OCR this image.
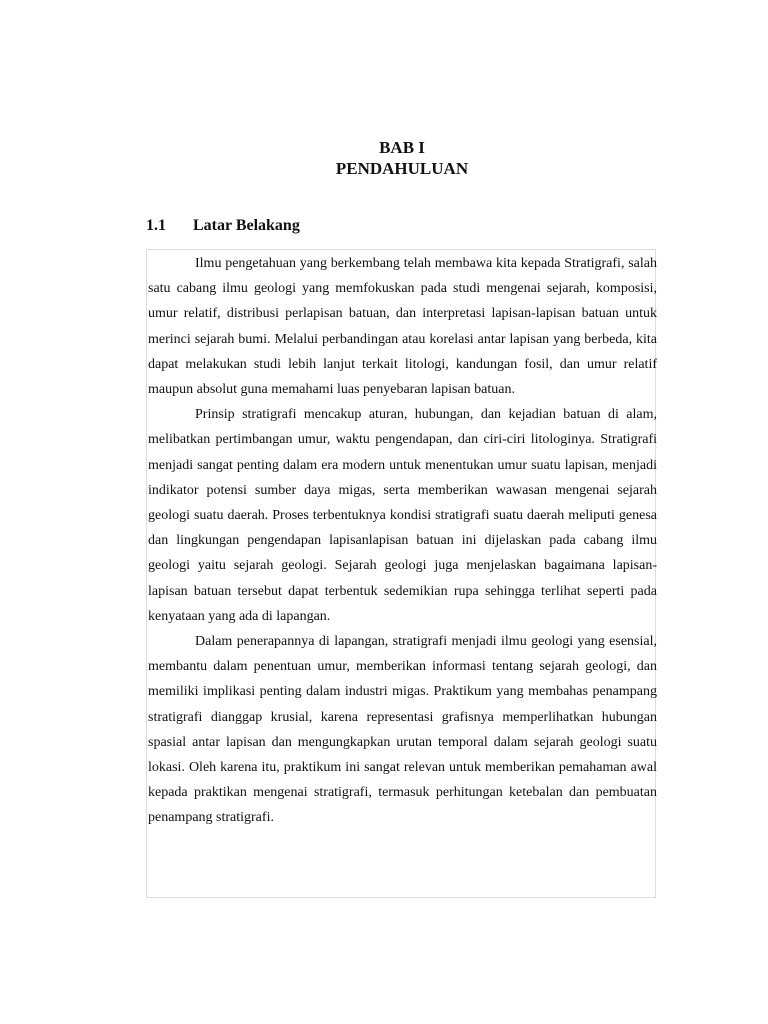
BAB I
PENDAHULUAN
1.1 Latar Belakang

Ilmu pengetahuan yang berkembang telah membawa kita kepada Stratigrafi, salah satu cabang ilmu geologi yang memfokuskan pada studi mengenai sejarah, komposisi, umur relatif, distribusi perlapisan batuan, dan interpretasi lapisan-lapisan batuan untuk merinci sejarah bumi. Melalui perbandingan atau korelasi antar lapisan yang berbeda, kita dapat melakukan studi lebih lanjut terkait litologi, kandungan fosil, dan umur relatif maupun absolut guna memahami luas penyebaran lapisan batuan.

Prinsip stratigrafi mencakup aturan, hubungan, dan kejadian batuan di alam, melibatkan pertimbangan umur, waktu pengendapan, dan ciri-ciri litologinya. Stratigrafi menjadi sangat penting dalam era modern untuk menentukan umur suatu lapisan, menjadi indikator potensi sumber daya migas, serta memberikan wawasan mengenai sejarah geologi suatu daerah. Proses terbentuknya kondisi stratigrafi suatu daerah meliputi genesa dan lingkungan pengendapan lapisanlapisan batuan ini dijelaskan pada cabang ilmu geologi yaitu sejarah geologi. Sejarah geologi juga menjelaskan bagaimana lapisan-lapisan batuan tersebut dapat terbentuk sedemikian rupa sehingga terlihat seperti pada kenyataan yang ada di lapangan.

Dalam penerapannya di lapangan, stratigrafi menjadi ilmu geologi yang esensial, membantu dalam penentuan umur, memberikan informasi tentang sejarah geologi, dan memiliki implikasi penting dalam industri migas. Praktikum yang membahas penampang stratigrafi dianggap krusial, karena representasi grafisnya memperlihatkan hubungan spasial antar lapisan dan mengungkapkan urutan temporal dalam sejarah geologi suatu lokasi. Oleh karena itu, praktikum ini sangat relevan untuk memberikan pemahaman awal kepada praktikan mengenai stratigrafi, termasuk perhitungan ketebalan dan pembuatan penampang stratigrafi.
